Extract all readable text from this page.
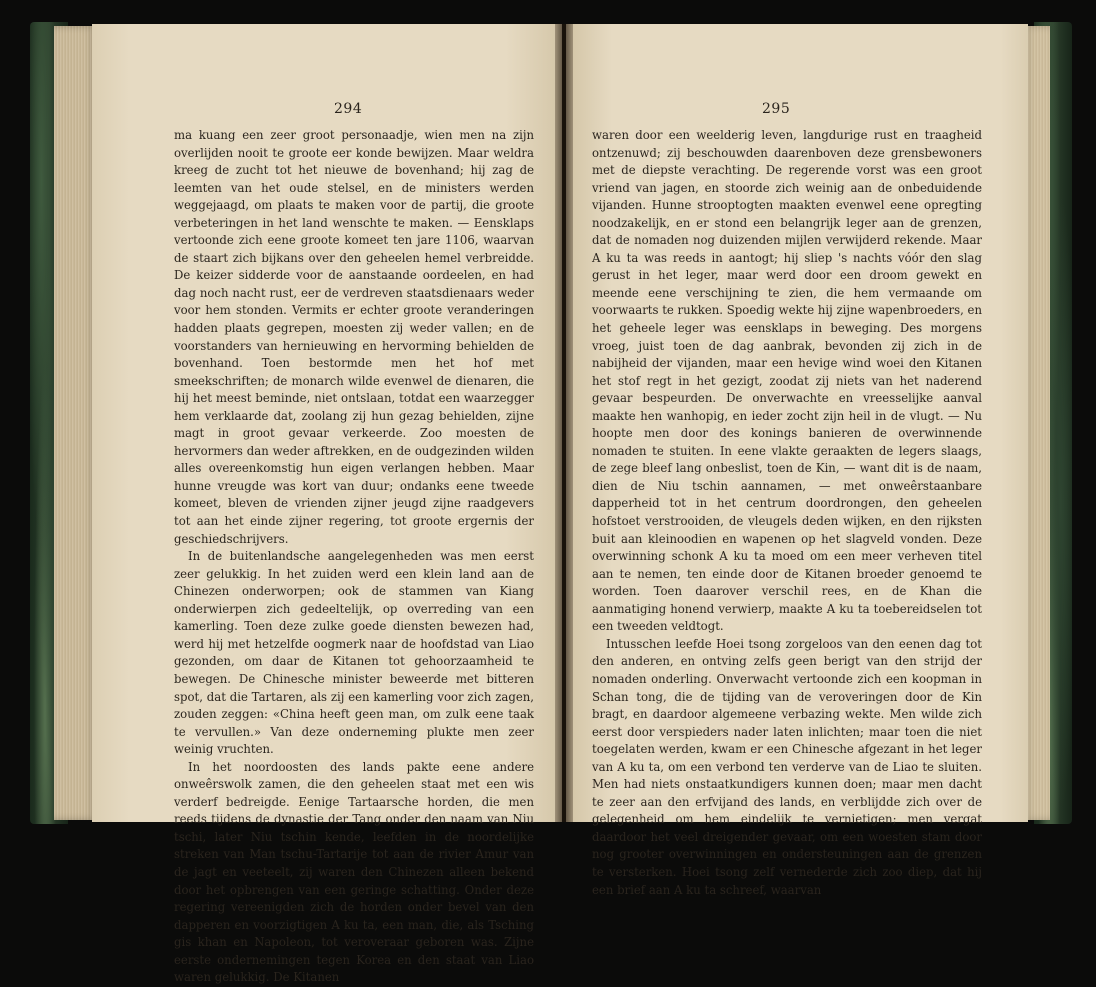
294

ma kuang een zeer groot personaadje, wien men na zijn overlijden nooit te groote eer konde bewijzen. Maar weldra kreeg de zucht tot het nieuwe de bovenhand; hij zag de leemten van het oude stelsel, en de ministers werden weggejaagd, om plaats te maken voor de partij, die groote verbeteringen in het land wenschte te maken. — Eensklaps vertoonde zich eene groote komeet ten jare 1106, waarvan de staart zich bijkans over den geheelen hemel verbreidde. De keizer sidderde voor de aanstaande oordeelen, en had dag noch nacht rust, eer de verdreven staatsdienaars weder voor hem stonden. Vermits er echter groote veranderingen hadden plaats gegrepen, moesten zij weder vallen; en de voorstanders van hernieuwing en hervorming behielden de bovenhand. Toen bestormde men het hof met smeekschriften; de monarch wilde evenwel de dienaren, die hij het meest beminde, niet ontslaan, totdat een waarzegger hem verklaarde dat, zoolang zij hun gezag behielden, zijne magt in groot gevaar verkeerde. Zoo moesten de hervormers dan weder aftrekken, en de oudgezinden wilden alles overeenkomstig hun eigen verlangen hebben. Maar hunne vreugde was kort van duur; ondanks eene tweede komeet, bleven de vrienden zijner jeugd zijne raadgevers tot aan het einde zijner regering, tot groote ergernis der geschiedschrijvers.

In de buitenlandsche aangelegenheden was men eerst zeer gelukkig. In het zuiden werd een klein land aan de Chinezen onderworpen; ook de stammen van Kiang onderwierpen zich gedeeltelijk, op overreding van een kamerling. Toen deze zulke goede diensten bewezen had, werd hij met hetzelfde oogmerk naar de hoofdstad van Liao gezonden, om daar de Kitanen tot gehoorzaamheid te bewegen. De Chinesche minister beweerde met bitteren spot, dat die Tartaren, als zij een kamerling voor zich zagen, zouden zeggen: «China heeft geen man, om zulk eene taak te vervullen.» Van deze onderneming plukte men zeer weinig vruchten.

In het noordoosten des lands pakte eene andere onweêrswolk zamen, die den geheelen staat met een wis verderf bedreigde. Eenige Tartaarsche horden, die men reeds tijdens de dynastie der Tang onder den naam van Niu tschi, later Niu tschin kende, leefden in de noordelijke streken van Man tschu-Tartarije tot aan de rivier Amur van de jagt en veeteelt, zij waren den Chinezen alleen bekend door het opbrengen van een geringe schatting. Onder deze regering vereenigden zich de horden onder bevel van den dapperen en voorzigtigen A ku ta, een man, die, als Tsching gis khan en Napoleon, tot veroveraar geboren was. Zijne eerste ondernemingen tegen Korea en den staat van Liao waren gelukkig. De Kitanen

295

waren door een weelderig leven, langdurige rust en traagheid ontzenuwd; zij beschouwden daarenboven deze grensbewoners met de diepste verachting. De regerende vorst was een groot vriend van jagen, en stoorde zich weinig aan de onbeduidende vijanden. Hunne strooptogten maakten evenwel eene opregting noodzakelijk, en er stond een belangrijk leger aan de grenzen, dat de nomaden nog duizenden mijlen verwijderd rekende. Maar A ku ta was reeds in aantogt; hij sliep 's nachts vóór den slag gerust in het leger, maar werd door een droom gewekt en meende eene verschijning te zien, die hem vermaande om voorwaarts te rukken. Spoedig wekte hij zijne wapenbroeders, en het geheele leger was eensklaps in beweging. Des morgens vroeg, juist toen de dag aanbrak, bevonden zij zich in de nabijheid der vijanden, maar een hevige wind woei den Kitanen het stof regt in het gezigt, zoodat zij niets van het naderend gevaar bespeurden. De onverwachte en vreesselijke aanval maakte hen wanhopig, en ieder zocht zijn heil in de vlugt. — Nu hoopte men door des konings banieren de overwinnende nomaden te stuiten. In eene vlakte geraakten de legers slaags, de zege bleef lang onbeslist, toen de Kin, — want dit is de naam, dien de Niu tschin aannamen, — met onweêrstaanbare dapperheid tot in het centrum doordrongen, den geheelen hofstoet verstrooiden, de vleugels deden wijken, en den rijksten buit aan kleinoodien en wapenen op het slagveld vonden. Deze overwinning schonk A ku ta moed om een meer verheven titel aan te nemen, ten einde door de Kitanen broeder genoemd te worden. Toen daarover verschil rees, en de Khan die aanmatiging honend verwierp, maakte A ku ta toebereidselen tot een tweeden veldtogt.

Intusschen leefde Hoei tsong zorgeloos van den eenen dag tot den anderen, en ontving zelfs geen berigt van den strijd der nomaden onderling. Onverwacht vertoonde zich een koopman in Schan tong, die de tijding van de veroveringen door de Kin bragt, en daardoor algemeene verbazing wekte. Men wilde zich eerst door verspieders nader laten inlichten; maar toen die niet toegelaten werden, kwam er een Chinesche afgezant in het leger van A ku ta, om een verbond ten verderve van de Liao te sluiten. Men had niets onstaatkundigers kunnen doen; maar men dacht te zeer aan den erfvijand des lands, en verblijdde zich over de gelegenheid om hem eindelijk te vernietigen; men vergat daardoor het veel dreigender gevaar, om een woesten stam door nog grooter overwinningen en ondersteuningen aan de grenzen te versterken. Hoei tsong zelf vernederde zich zoo diep, dat hij een brief aan A ku ta schreef, waarvan
